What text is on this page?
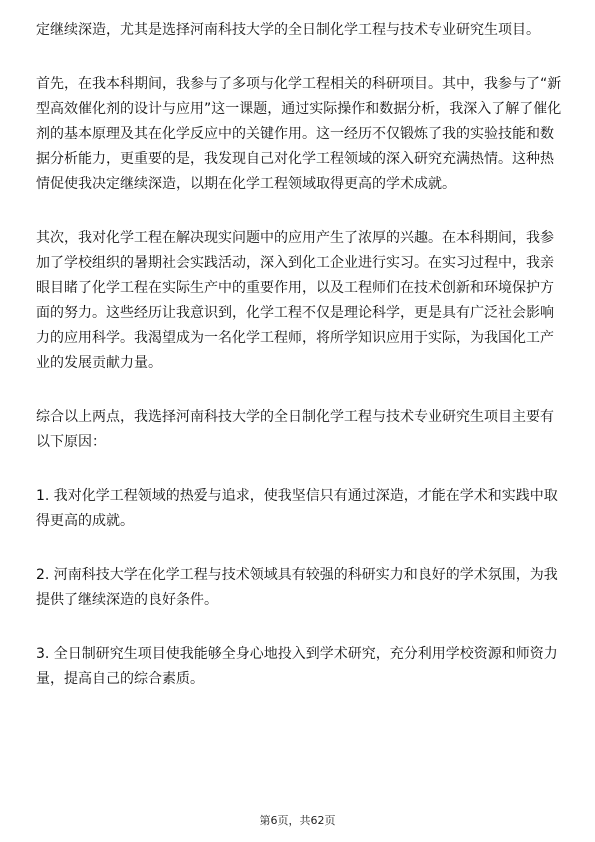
定继续深造，尤其是选择河南科技大学的全日制化学工程与技术专业研究生项目。

首先，在我本科期间，我参与了多项与化学工程相关的科研项目。其中，我参与了“新型高效催化剂的设计与应用”这一课题，通过实际操作和数据分析，我深入了解了催化剂的基本原理及其在化学反应中的关键作用。这一经历不仅锻炼了我的实验技能和数据分析能力，更重要的是，我发现自己对化学工程领域的深入研究充满热情。这种热情促使我决定继续深造，以期在化学工程领域取得更高的学术成就。

其次，我对化学工程在解决现实问题中的应用产生了浓厚的兴趣。在本科期间，我参加了学校组织的暑期社会实践活动，深入到化工企业进行实习。在实习过程中，我亲眼目睹了化学工程在实际生产中的重要作用，以及工程师们在技术创新和环境保护方面的努力。这些经历让我意识到，化学工程不仅是理论科学，更是具有广泛社会影响力的应用科学。我渴望成为一名化学工程师，将所学知识应用于实际，为我国化工产业的发展贡献力量。

综合以上两点，我选择河南科技大学的全日制化学工程与技术专业研究生项目主要有以下原因：

1. 我对化学工程领域的热爱与追求，使我坚信只有通过深造，才能在学术和实践中取得更高的成就。

2. 河南科技大学在化学工程与技术领域具有较强的科研实力和良好的学术氛围，为我提供了继续深造的良好条件。

3. 全日制研究生项目使我能够全身心地投入到学术研究，充分利用学校资源和师资力量，提高自己的综合素质。

第6页，共62页
